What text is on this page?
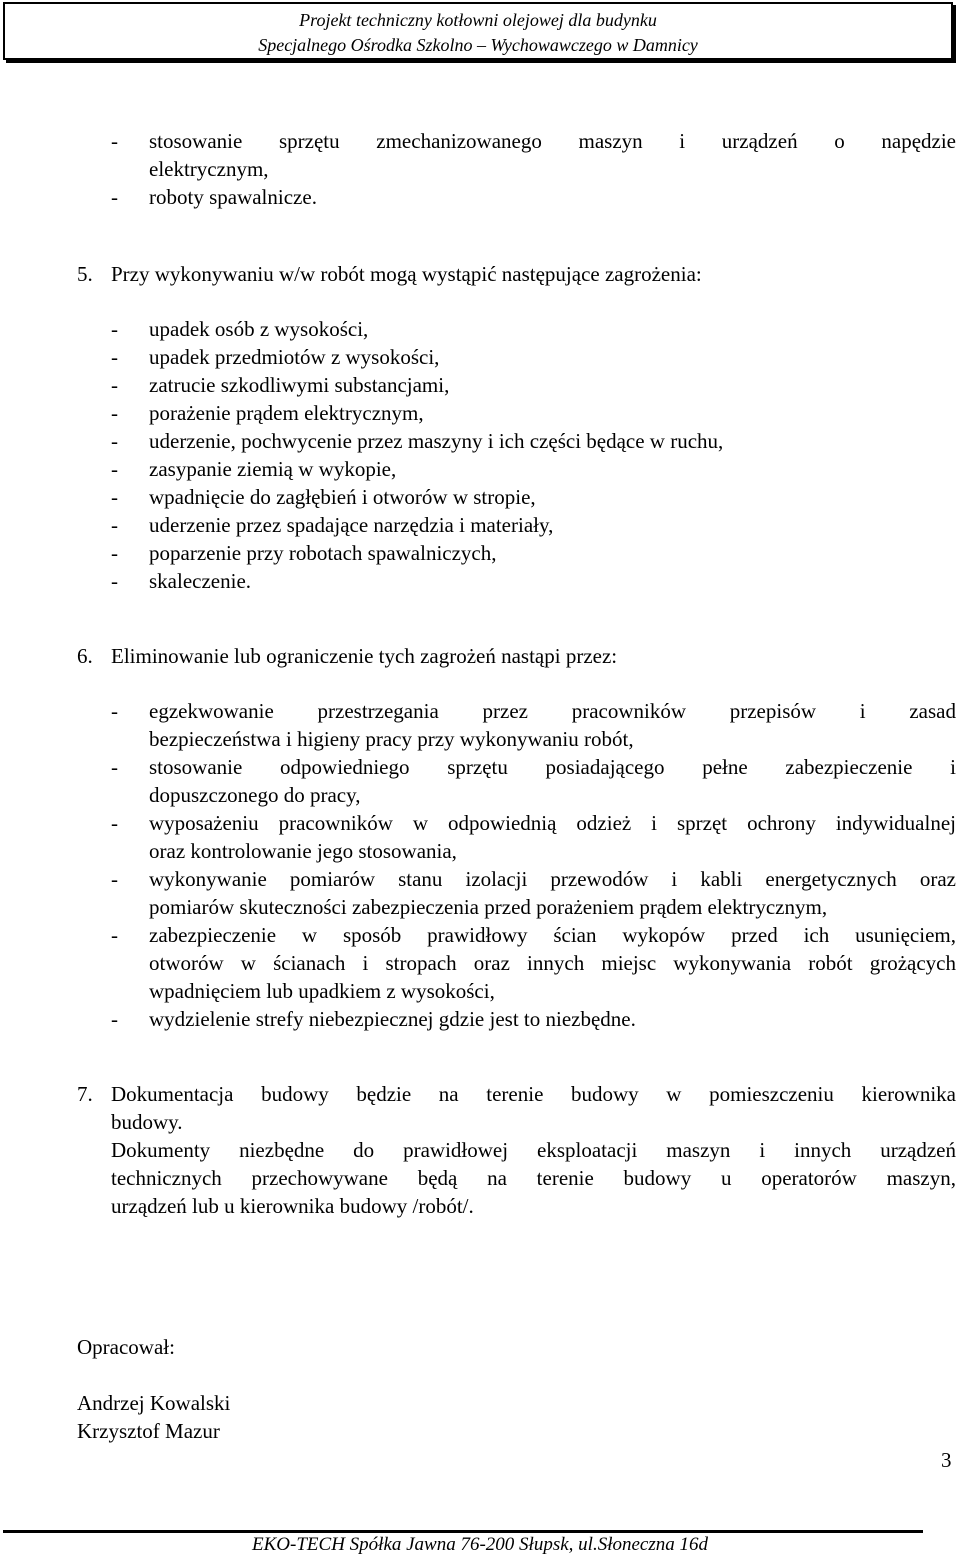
Projekt techniczny kotłowni olejowej dla budynku
Specjalnego Ośrodka Szkolno – Wychowawczego w Damnicy
- stosowanie sprzętu zmechanizowanego maszyn i urządzeń o napędzie
elektrycznym,
- roboty spawalnicze.
5. Przy wykonywaniu w/w robót mogą wystąpić następujące zagrożenia:
- upadek osób z wysokości,
- upadek przedmiotów z wysokości,
- zatrucie szkodliwymi substancjami,
- porażenie prądem elektrycznym,
- uderzenie, pochwycenie przez maszyny i ich części będące w ruchu,
- zasypanie ziemią w wykopie,
- wpadnięcie do zagłębień i otworów w stropie,
- uderzenie przez spadające narzędzia i materiały,
- poparzenie przy robotach spawalniczych,
- skaleczenie.
6. Eliminowanie lub ograniczenie tych zagrożeń nastąpi przez:
- egzekwowanie przestrzegania przez pracowników przepisów i zasad
bezpieczeństwa i higieny pracy przy wykonywaniu robót,
- stosowanie odpowiedniego sprzętu posiadającego pełne zabezpieczenie i
dopuszczonego do pracy,
- wyposażeniu pracowników w odpowiednią odzież i sprzęt ochrony indywidualnej
oraz kontrolowanie jego stosowania,
- wykonywanie pomiarów stanu izolacji przewodów i kabli energetycznych oraz
pomiarów skuteczności zabezpieczenia przed porażeniem prądem elektrycznym,
- zabezpieczenie w sposób prawidłowy ścian wykopów przed ich usunięciem,
otworów w ścianach i stropach oraz innych miejsc wykonywania robót grożących
wpadnięciem lub upadkiem z wysokości,
- wydzielenie strefy niebezpiecznej gdzie jest to niezbędne.
7. Dokumentacja budowy będzie na terenie budowy w pomieszczeniu kierownika
budowy.
Dokumenty niezbędne do prawidłowej eksploatacji maszyn i innych urządzeń
technicznych przechowywane będą na terenie budowy u operatorów maszyn,
urządzeń lub u kierownika budowy /robót/.
Opracował:
Andrzej Kowalski
Krzysztof Mazur
3
EKO-TECH Spółka Jawna 76-200 Słupsk, ul.Słoneczna 16d
